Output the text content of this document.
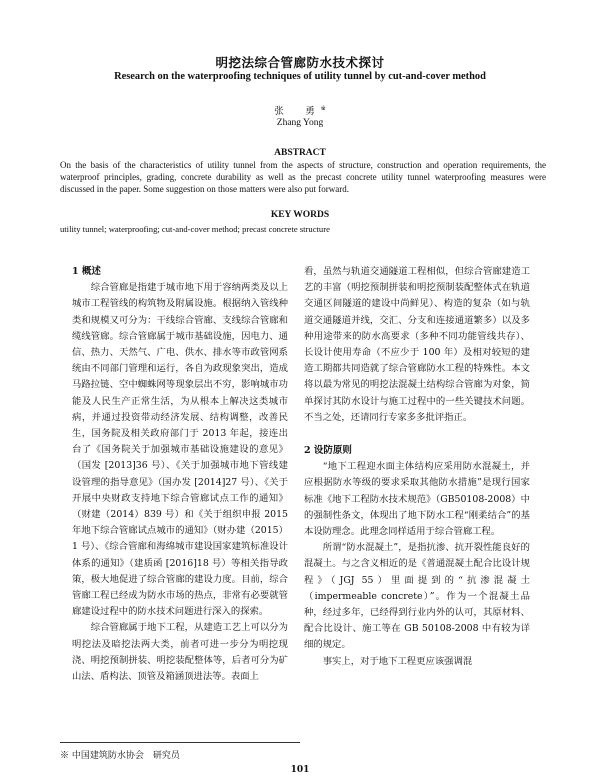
明挖法综合管廊防水技术探讨
Research on the waterproofing techniques of utility tunnel by cut-and-cover method
张　勇※
Zhang Yong
ABSTRACT
On the basis of the characteristics of utility tunnel from the aspects of structure, construction and operation requirements, the waterproof principles, grading, concrete durability as well as the precast concrete utility tunnel waterproofing measures were discussed in the paper. Some suggestion on those matters were also put forward.
KEY WORDS
utility tunnel; waterproofing; cut-and-cover method; precast concrete structure
1 概述

综合管廊是指建于城市地下用于容纳两类及以上城市工程管线的构筑物及附属设施。根据纳入管线种类和规模又可分为：干线综合管廊、支线综合管廊和缆线管廊。综合管廊属于城市基础设施，因电力、通信、热力、天然气、广电、供水、排水等市政管网系统由不同部门管理和运行，各自为政现象突出，造成马路拉链、空中蜘蛛网等现象层出不穷，影响城市功能及人民生产正常生活，为从根本上解决这类城市病，并通过投资带动经济发展、结构调整，改善民生，国务院及相关政府部门于 2013 年起，接连出台了《国务院关于加强城市基础设施建设的意见》（国发 [2013]36 号）、《关于加强城市地下管线建设管理的指导意见》（国办发 [2014]27 号）、《关于开展中央财政支持地下综合管廊试点工作的通知》（财建（2014）839 号）和《关于组织申报 2015 年地下综合管廊试点城市的通知》（财办建（2015）1 号）、《综合管廊和海绵城市建设国家建筑标准设计体系的通知》（建质函 [2016]18 号）等相关指导政策，极大地促进了综合管廊的建设力度。目前，综合管廊工程已经成为防水市场的热点，非常有必要就管廊建设过程中的防水技术问题进行深入的探索。

综合管廊属于地下工程，从建造工艺上可以分为明挖法及暗挖法两大类，前者可进一步分为明挖现浇、明挖预制拼装、明挖装配整体等，后者可分为矿山法、盾构法、顶管及箱涵顶进法等。表面上

看，虽然与轨道交通隧道工程相似，但综合管廊建造工艺的丰富（明挖预制拼装和明挖预制装配整体式在轨道交通区间隧道的建设中尚鲜见）、构造的复杂（如与轨道交通隧道并线，交汇、分支和连接通道繁多）以及多种用途带来的防水高要求（多种不同功能管线共存）、长设计使用寿命（不应少于 100 年）及相对较短的建造工期都共同造就了综合管廊防水工程的特殊性。本文将以最为常见的明挖法混凝土结构综合管廊为对象，简单探讨其防水设计与施工过程中的一些关键技术问题。不当之处，还请同行专家多多批评指正。

2 设防原则

“地下工程迎水面主体结构应采用防水混凝土，并应根据防水等级的要求采取其他防水措施”是现行国家标准《地下工程防水技术规范》（GB50108-2008）中的强制性条文，体现出了地下防水工程“刚柔结合”的基本设防理念。此理念同样适用于综合管廊工程。

所谓“防水混凝土”，是指抗渗、抗开裂性能良好的混凝土。与之含义相近的是《普通混凝土配合比设计规程》（JGJ 55）里面提到的“抗渗混凝土（impermeable concrete）”。作为一个混凝土品种，经过多年，已经得到行业内外的认可，其原材料、配合比设计、施工等在 GB 50108-2008 中有较为详细的规定。

事实上，对于地下工程更应该强调混

※ 中国建筑防水协会　研究员
101
